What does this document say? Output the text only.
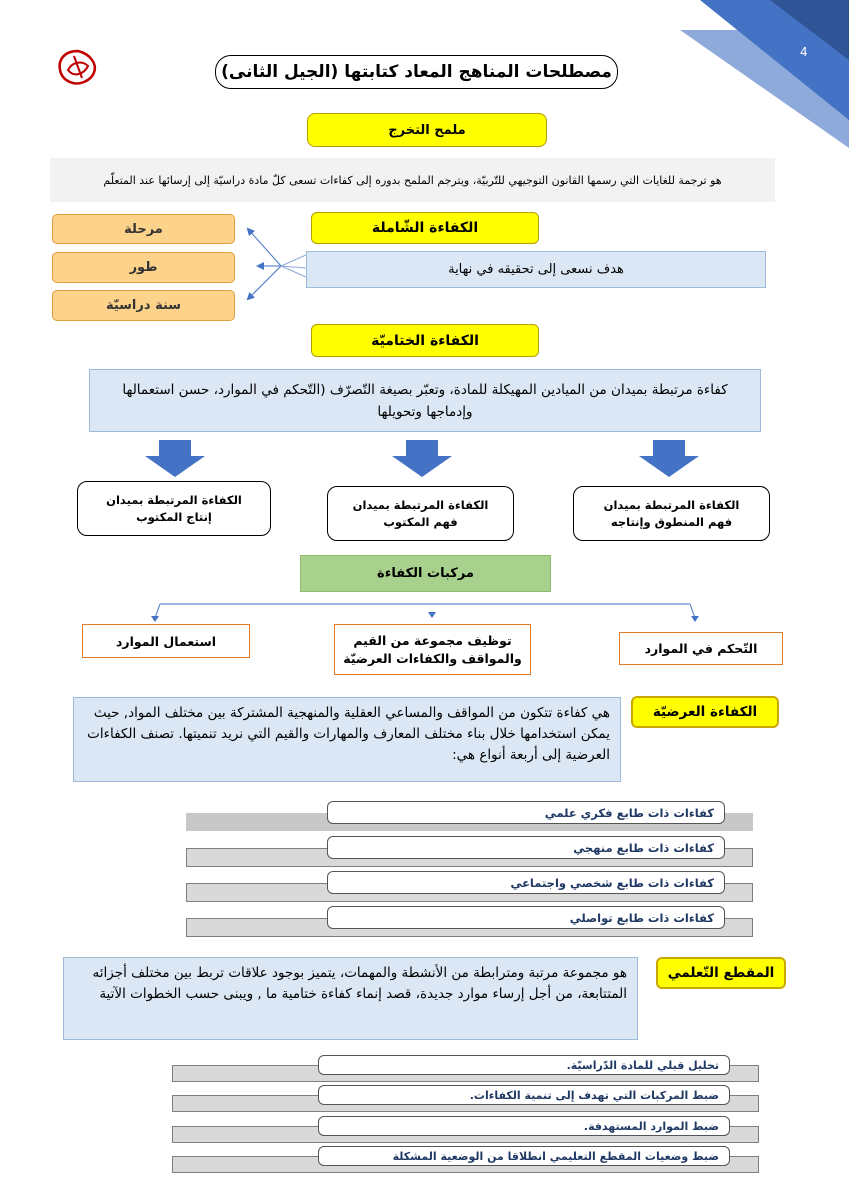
4
مصطلحات المناهج المعاد كتابتها (الجيل الثانى)
ملمح التخرج
هو ترجمة للغايات التي رسمها القانون التوجيهي للتّربيّة، ويترجم الملمح بدوره إلى كفاءات تسعى كلّ مادة دراسيّة إلى إرسائها عند المتعلّم
الكفاءة الشّاملة
هدف نسعى إلى تحقيقه في نهاية
مرحلة
طور
سنة دراسيّة
الكفاءة الختاميّة
كفاءة مرتبطة بميدان من الميادين المهيكلة للمادة، وتعبّر بصيغة التّصرّف (التّحكم في الموارد، حسن استعمالها وإدماجها وتحويلها
الكفاءة المرتبطة بميدان
فهم المنطوق وإنتاجه
الكفاءة المرتبطة بميدان
فهم المكتوب
الكفاءة المرتبطة بميدان
إنتاج المكتوب
مركبات الكفاءة
التّحكم في الموارد
توظيف مجموعة من القيم
والمواقف والكفاءات العرضيّة
استعمال الموارد
الكفاءة العرضيّة
هي كفاءة تتكون من المواقف والمساعي العقلية والمنهجية المشتركة بين مختلف المواد, حيث يمكن استخدامها خلال بناء مختلف المعارف والمهارات والقيم التي نريد تنميتها. تصنف الكفاءات العرضية إلى أربعة أنواع هي:
كفاءات ذات طابع فكري علمي
كفاءات ذات طابع منهجي
كفاءات ذات طابع شخصي واجتماعي
كفاءات ذات طابع تواصلي
المقطع التّعلمي
هو مجموعة مرتبة ومترابطة من الأنشطة والمهمات، يتميز بوجود علاقات تربط بين مختلف أجزائه المتتابعة، من أجل إرساء موارد جديدة، قصد إنماء كفاءة ختامية ما , ويبنى حسب الخطوات الآتية
تحليل قبلي للمادة الدّراسيّة.
ضبط المركبات التي تهدف إلى تنمية الكفاءات.
ضبط الموارد المستهدفة.
ضبط وضعيات المقطع التعليمي انطلاقا من الوضعية المشكلة
